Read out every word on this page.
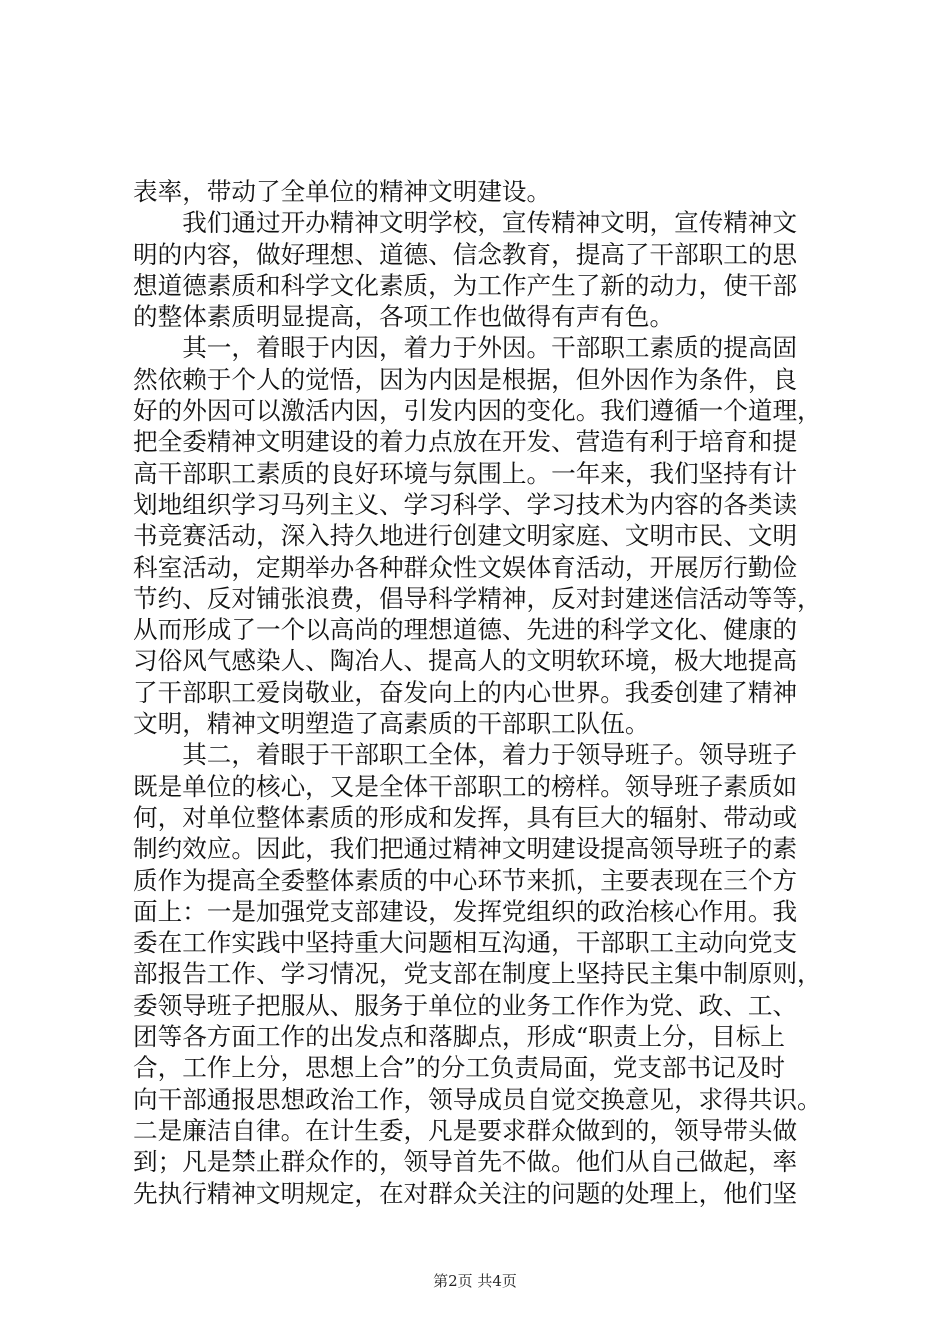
表率，带动了全单位的精神文明建设。
　　我们通过开办精神文明学校，宣传精神文明，宣传精神文
明的内容，做好理想、道德、信念教育，提高了干部职工的思
想道德素质和科学文化素质，为工作产生了新的动力，使干部
的整体素质明显提高，各项工作也做得有声有色。
　　其一，着眼于内因，着力于外因。干部职工素质的提高固
然依赖于个人的觉悟，因为内因是根据，但外因作为条件，良
好的外因可以激活内因，引发内因的变化。我们遵循一个道理，
把全委精神文明建设的着力点放在开发、营造有利于培育和提
高干部职工素质的良好环境与氛围上。一年来，我们坚持有计
划地组织学习马列主义、学习科学、学习技术为内容的各类读
书竞赛活动，深入持久地进行创建文明家庭、文明市民、文明
科室活动，定期举办各种群众性文娱体育活动，开展厉行勤俭
节约、反对铺张浪费，倡导科学精神，反对封建迷信活动等等，
从而形成了一个以高尚的理想道德、先进的科学文化、健康的
习俗风气感染人、陶冶人、提高人的文明软环境，极大地提高
了干部职工爱岗敬业，奋发向上的内心世界。我委创建了精神
文明，精神文明塑造了高素质的干部职工队伍。
　　其二，着眼于干部职工全体，着力于领导班子。领导班子
既是单位的核心，又是全体干部职工的榜样。领导班子素质如
何，对单位整体素质的形成和发挥，具有巨大的辐射、带动或
制约效应。因此，我们把通过精神文明建设提高领导班子的素
质作为提高全委整体素质的中心环节来抓，主要表现在三个方
面上：一是加强党支部建设，发挥党组织的政治核心作用。我
委在工作实践中坚持重大问题相互沟通，干部职工主动向党支
部报告工作、学习情况，党支部在制度上坚持民主集中制原则，
委领导班子把服从、服务于单位的业务工作作为党、政、工、
团等各方面工作的出发点和落脚点，形成“职责上分，目标上
合，工作上分，思想上合”的分工负责局面，党支部书记及时
向干部通报思想政治工作，领导成员自觉交换意见，求得共识。
二是廉洁自律。在计生委，凡是要求群众做到的，领导带头做
到；凡是禁止群众作的，领导首先不做。他们从自己做起，率
先执行精神文明规定，在对群众关注的问题的处理上，他们坚
第2页 共4页
